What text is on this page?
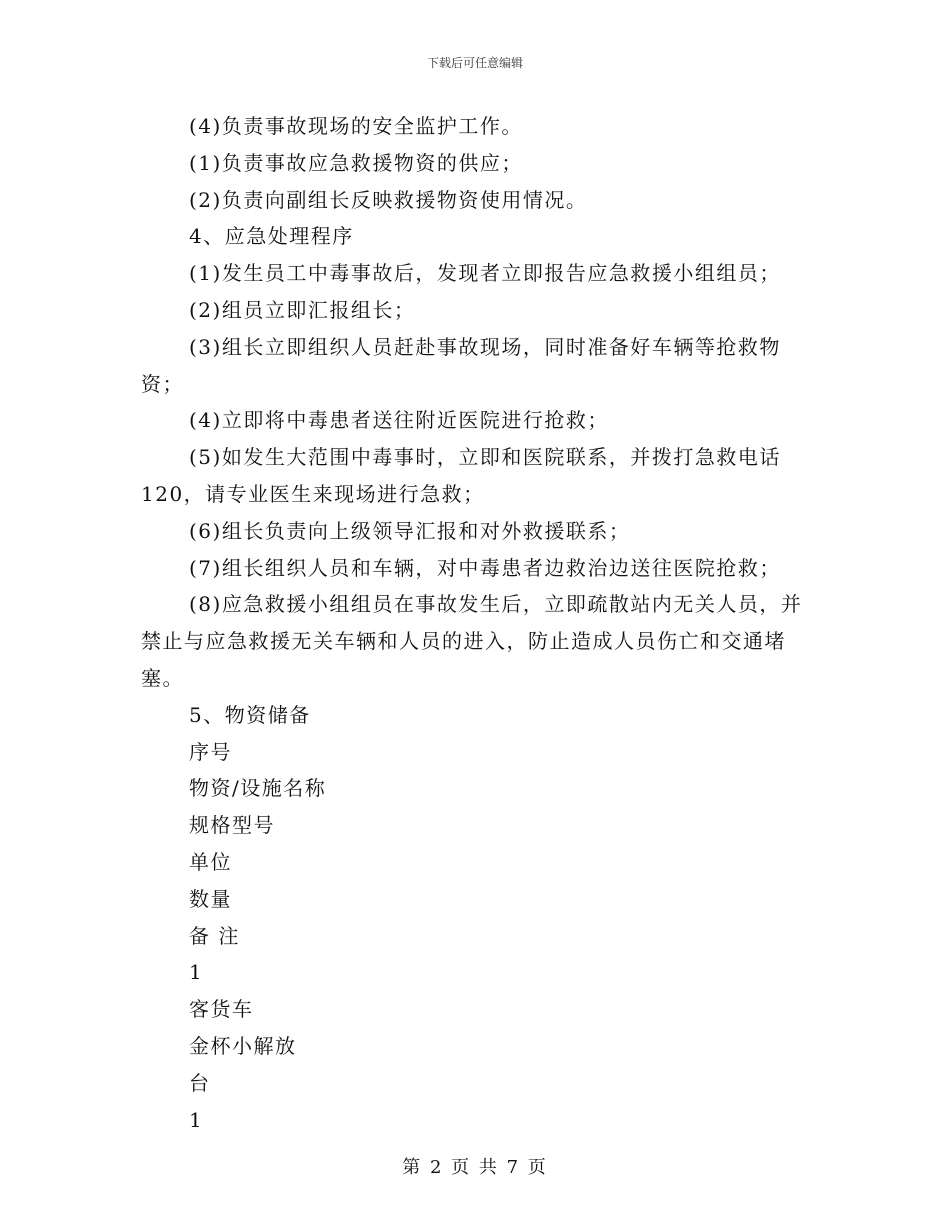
下载后可任意编辑

(4)负责事故现场的安全监护工作。

(1)负责事故应急救援物资的供应；

(2)负责向副组长反映救援物资使用情况。

4、应急处理程序

(1)发生员工中毒事故后，发现者立即报告应急救援小组组员；

(2)组员立即汇报组长；

(3)组长立即组织人员赶赴事故现场，同时准备好车辆等抢救物资；

(4)立即将中毒患者送往附近医院进行抢救；

(5)如发生大范围中毒事时，立即和医院联系，并拨打急救电话120，请专业医生来现场进行急救；

(6)组长负责向上级领导汇报和对外救援联系；

(7)组长组织人员和车辆，对中毒患者边救治边送往医院抢救；

(8)应急救援小组组员在事故发生后，立即疏散站内无关人员，并禁止与应急救援无关车辆和人员的进入，防止造成人员伤亡和交通堵塞。

5、物资储备

序号

物资/设施名称

规格型号

单位

数量

备 注

1

客货车

金杯小解放

台

1

第 2 页 共 7 页
